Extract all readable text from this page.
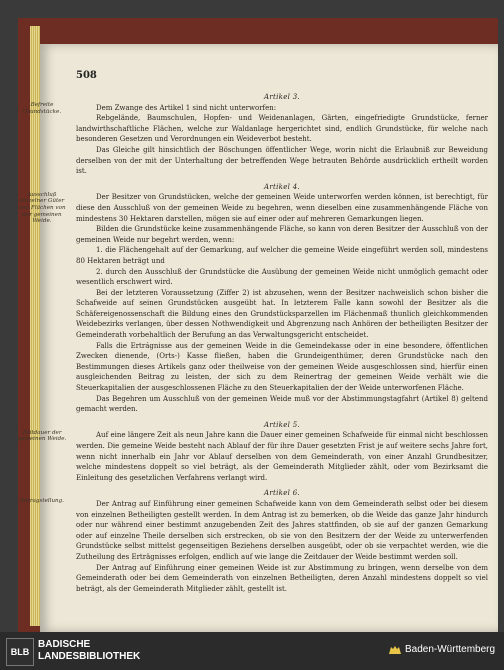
508
Artikel 3.
Befreite Grundstücke.	Dem Zwange des Artikel 1 sind nicht unterworfen:

Rebgelände, Baumschulen, Hopfen- und Weidenanlagen, Gärten, eingefriedigte Grundstücke, ferner landwirthschaftliche Flächen, welche zur Waldanlage hergerichtet sind, endlich Grundstücke, für welche nach besonderen Gesetzen und Verordnungen ein Weideverbot besteht.

Das Gleiche gilt hinsichtlich der Böschungen öffentlicher Wege, worin nicht die Erlaubniß zur Beweidung derselben von der mit der Unterhaltung der betreffenden Wege betrauten Behörde ausdrücklich ertheilt worden ist.

Artikel 4.
Ausschluß einzelner Güter und Flächen von der gemeinen Weide.

Der Besitzer von Grundstücken, welche der gemeinen Weide unterworfen werden können, ist berechtigt, für diese den Ausschluß von der gemeinen Weide zu begehren, wenn dieselben eine zusammenhängende Fläche von mindestens 30 Hektaren darstellen, mögen sie auf einer oder auf mehreren Gemarkungen liegen.

Bilden die Grundstücke keine zusammenhängende Fläche, so kann von deren Besitzer der Ausschluß von der gemeinen Weide nur begehrt werden, wenn:

1. die Flächengehalt auf der Gemarkung, auf welcher die gemeine Weide eingeführt werden soll, mindestens 80 Hektaren beträgt und

2. durch den Ausschluß der Grundstücke die Ausübung der gemeinen Weide nicht unmöglich gemacht oder wesentlich erschwert wird.

Bei der letzteren Voraussetzung (Ziffer 2) ist abzusehen, wenn der Besitzer nachweislich schon bisher die Schafweide auf seinen Grundstücken ausgeübt hat. In letzterem Falle kann sowohl der Besitzer als die Schäfereigenossenschaft die Bildung eines den Grundstücksparzellen im Flächenmaß thunlich gleichkommenden Weidebezirks verlangen, über dessen Nothwendigkeit und Abgrenzung nach Anhören der betheiligten Besitzer der Gemeinderath vorbehaltlich der Berufung an das Verwaltungsgericht entscheidet.

Falls die Ertrágnisse aus der gemeinen Weide in die Gemeindekasse oder in eine besondere, öffentlichen Zwecken dienende, (Orts-) Kasse fließen, haben die Grundeigenthümer, deren Grundstücke nach den Bestimmungen dieses Artikels ganz oder theilweise von der gemeinen Weide ausgeschlossen sind, hierfür einen ausgleichenden Beitrag zu leisten, der sich zu dem Reinertrag der gemeinen Weide verhält wie die Steuerkapitalien der ausgeschlossenen Fläche zu den Steuerkapitalien der der Weide unterworfenen Fläche.

Das Begehren um Ausschluß von der gemeinen Weide muß vor der Abstimmungstagfahrt (Artikel 8) geltend gemacht werden.

Artikel 5.
Zeitdauer der gemeinen Weide.	Auf eine längere Zeit als neun Jahre kann die Dauer einer gemeinen Schafweide für einmal nicht beschlossen werden. Die gemeine Weide besteht nach Ablauf der für ihre Dauer gesetzten Frist je auf weitere sechs Jahre fort, wenn nicht innerhalb ein Jahr vor Ablauf derselben von dem Gemeinderath, von einer Anzahl Grundbesitzer, welche mindestens doppelt so viel beträgt, als der Gemeinderath Mitglieder zählt, oder vom Bezirksamt die Einleitung des gesetzlichen Verfahrens verlangt wird.

Artikel 6.
Antragstellung.	Der Antrag auf Einführung einer gemeinen Schafweide kann von dem Gemeinderath selbst oder bei diesem von einzelnen Betheiligten gestellt werden. In dem Antrag ist zu bemerken, ob die Weide das ganze Jahr hindurch oder nur während einer bestimmt anzugebenden Zeit des Jahres stattfinden, ob sie auf der ganzen Gemarkung oder auf einzelne Theile derselben sich erstrecken, ob sie von den Besitzern der der Weide zu unterwerfenden Grundstücke selbst mittelst gegenseitigen Beziehens derselben ausgeübt, oder ob sie verpachtet werden, wie die Zutheilung des Erträgnisses erfolgen, endlich auf wie lange die Zeitdauer der Weide bestimmt werden soll.

Der Antrag auf Einführung einer gemeinen Weide ist zur Abstimmung zu bringen, wenn derselbe von dem Gemeinderath oder bei dem Gemeinderath von einzelnen Betheiligten, deren Anzahl mindestens doppelt so viel beträgt, als der Gemeinderath Mitglieder zählt, gestellt ist.

BLB
BADISCHE
LANDESBIBLIOTHEK
Baden-Württemberg
